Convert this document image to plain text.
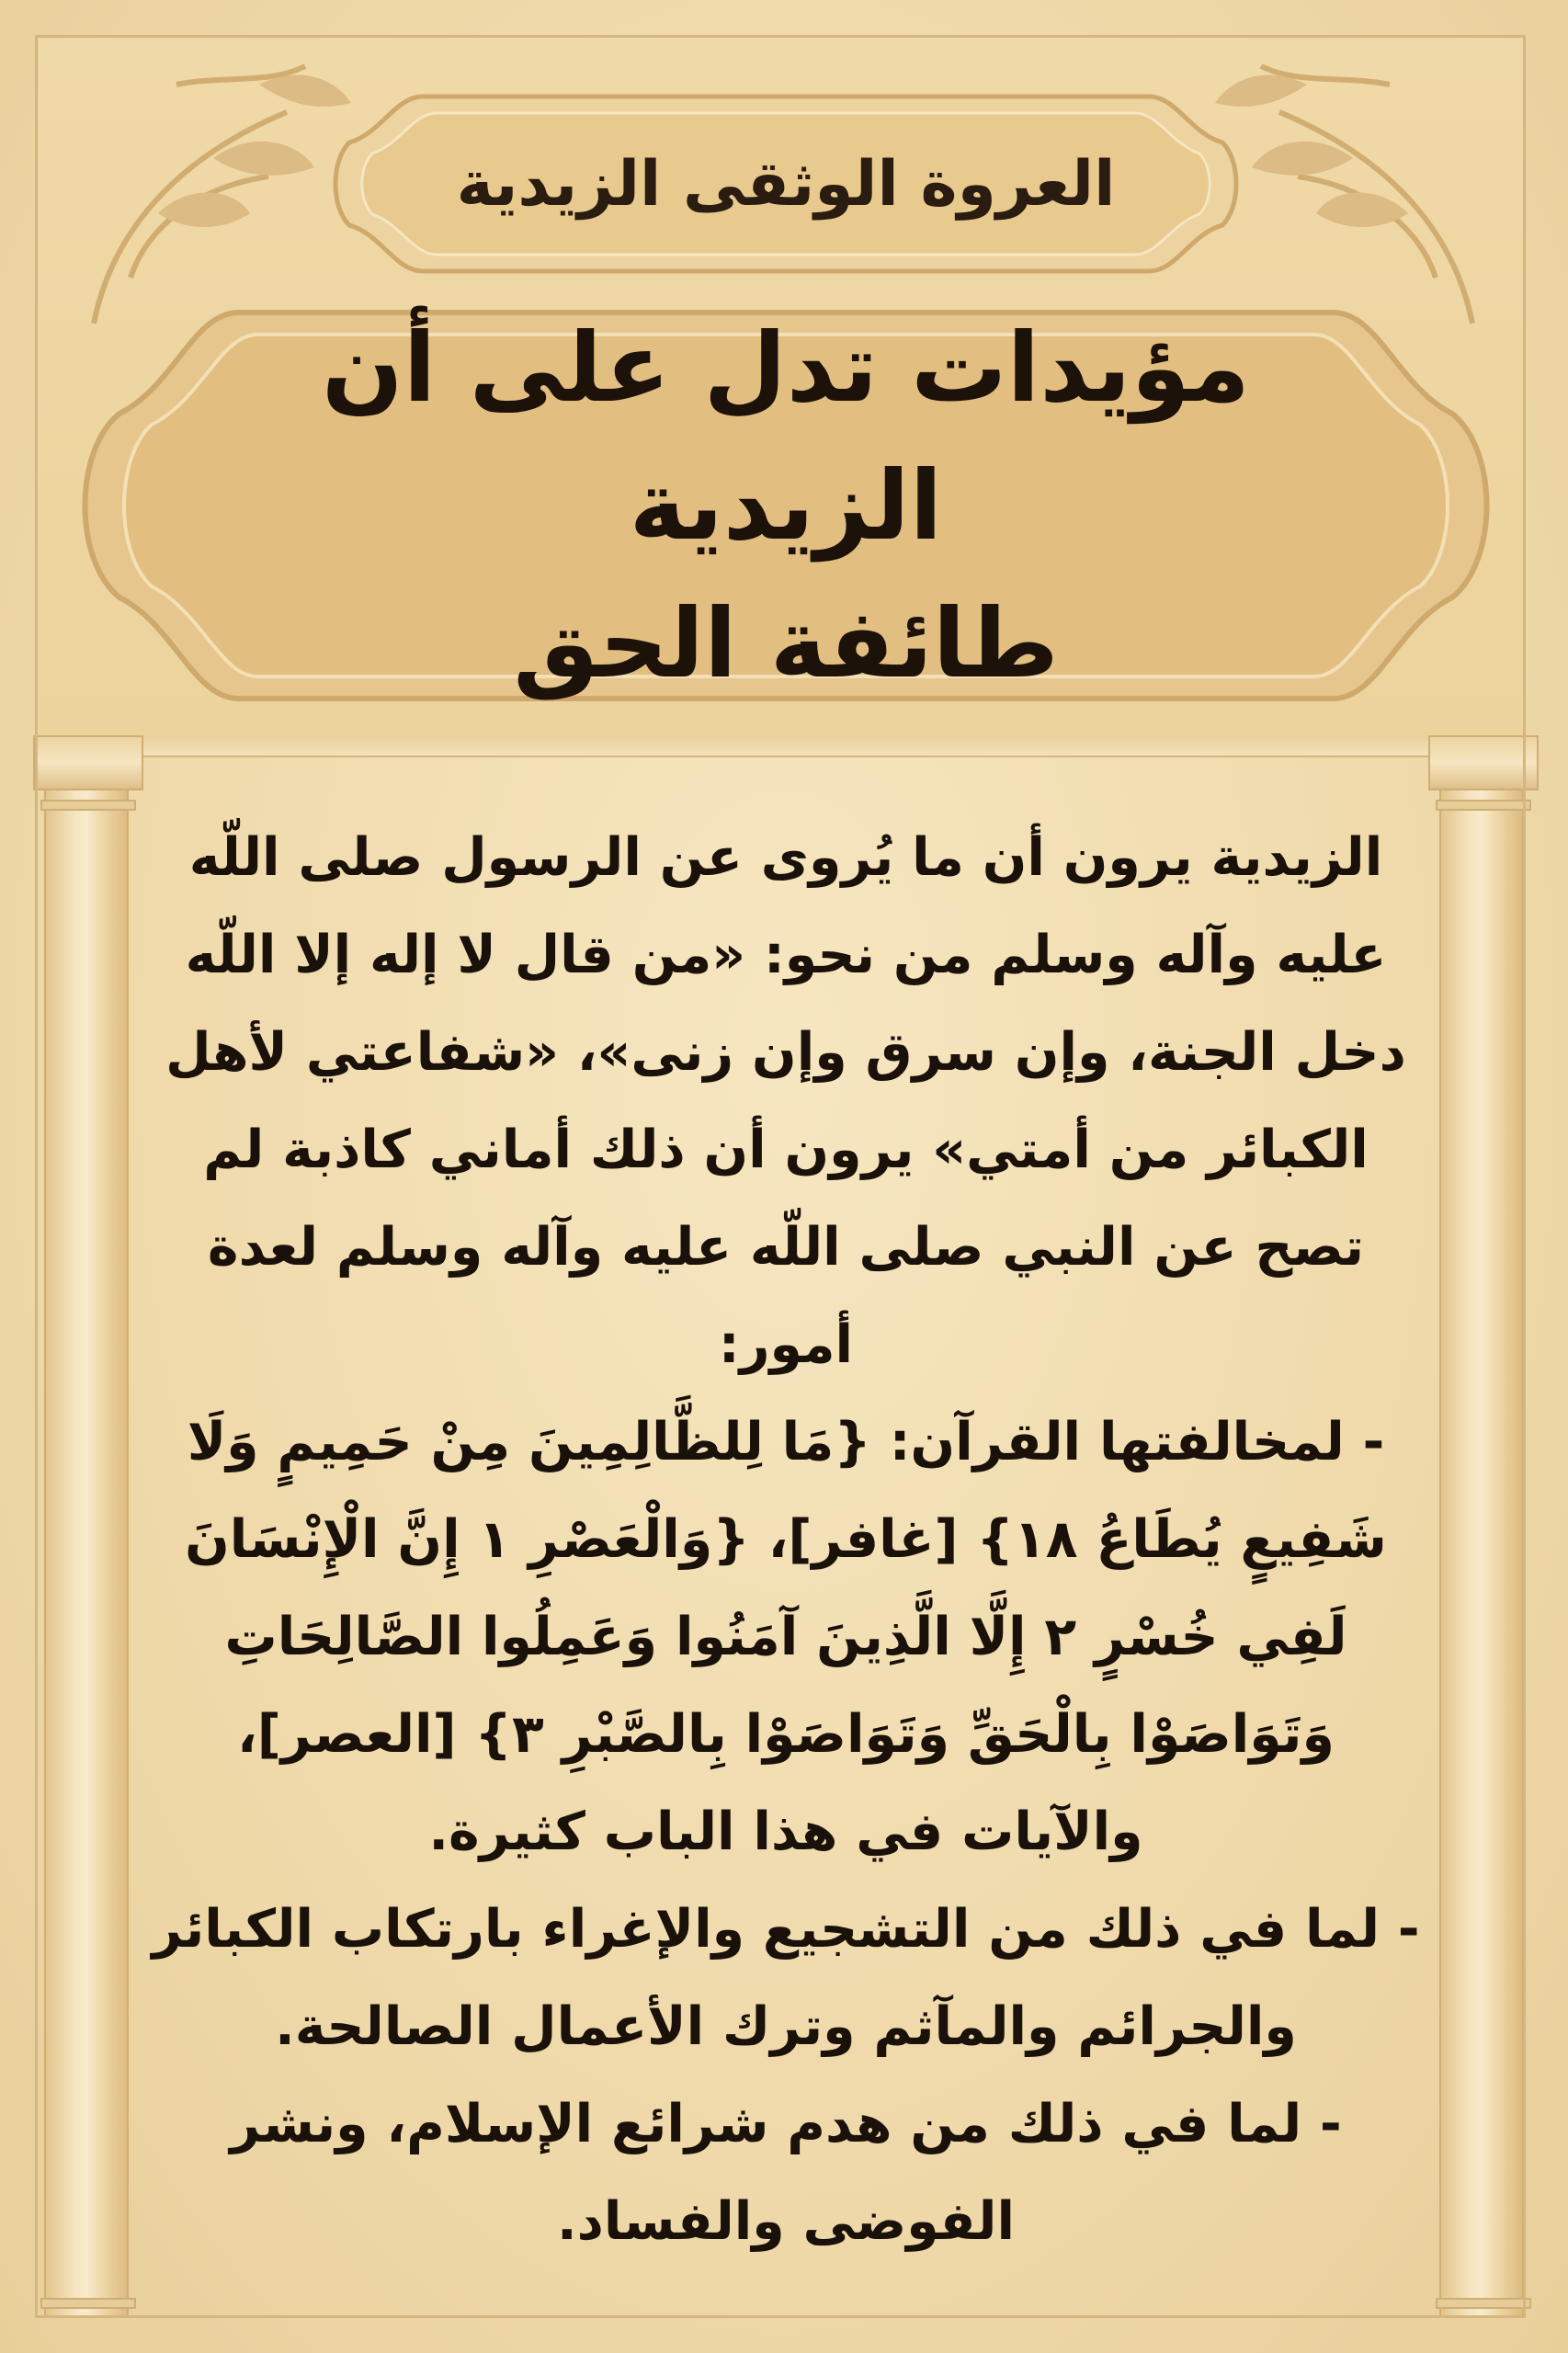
العروة الوثقى الزيدية
مؤيدات تدل على أن الزيدية
طائفة الحق

الزيدية يرون أن ما يُروى عن الرسول صلى اللّه عليه وآله وسلم من نحو: «من قال لا إله إلا اللّه دخل الجنة، وإن سرق وإن زنى»، «شفاعتي لأهل الكبائر من أمتي» يرون أن ذلك أماني كاذبة لم تصح عن النبي صلى اللّه عليه وآله وسلم لعدة أمور:

- لمخالفتها القرآن: {مَا لِلظَّالِمِينَ مِنْ حَمِيمٍ وَلَا شَفِيعٍ يُطَاعُ ١٨} [غافر]، {وَالْعَصْرِ ١ إِنَّ الْإِنْسَانَ لَفِي خُسْرٍ ٢ إِلَّا الَّذِينَ آمَنُوا وَعَمِلُوا الصَّالِحَاتِ وَتَوَاصَوْا بِالْحَقِّ وَتَوَاصَوْا بِالصَّبْرِ ٣} [العصر]، والآيات في هذا الباب كثيرة.

- لما في ذلك من التشجيع والإغراء بارتكاب الكبائر والجرائم والمآثم وترك الأعمال الصالحة.

- لما في ذلك من هدم شرائع الإسلام، ونشر الفوضى والفساد.
